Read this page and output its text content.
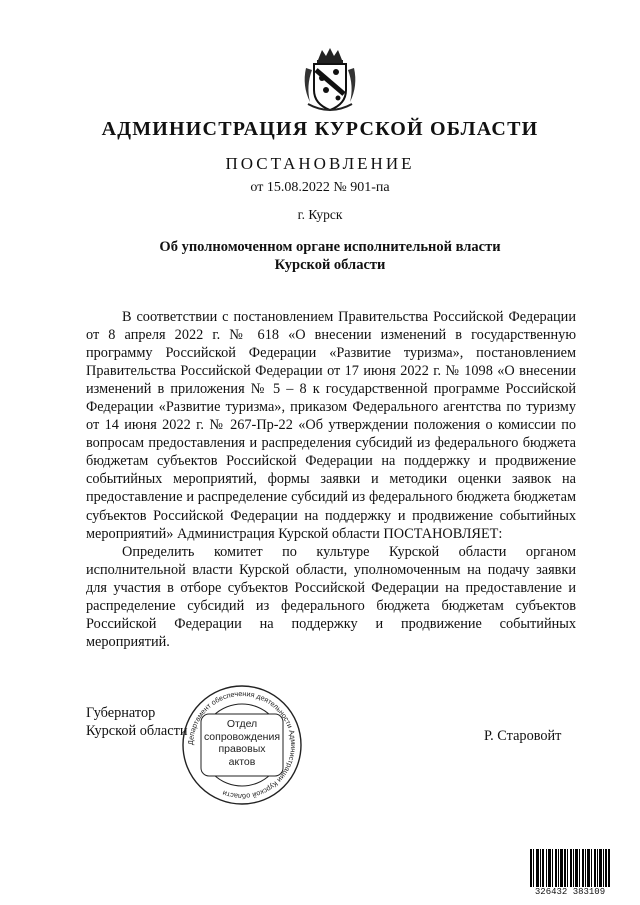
АДМИНИСТРАЦИЯ КУРСКОЙ ОБЛАСТИ
ПОСТАНОВЛЕНИЕ
от 15.08.2022 № 901-па
г. Курск
Об уполномоченном органе исполнительной власти
Курской области

В соответствии с постановлением Правительства Российской Федерации от 8 апреля 2022 г. № 618 «О внесении изменений в государственную программу Российской Федерации «Развитие туризма», постановлением Правительства Российской Федерации от 17 июня 2022 г. № 1098 «О внесении изменений в приложения № 5 – 8 к государственной программе Российской Федерации «Развитие туризма», приказом Федерального агентства по туризму от 14 июня 2022 г. № 267-Пр-22 «Об утверждении положения о комиссии по вопросам предоставления и распределения субсидий из федерального бюджета бюджетам субъектов Российской Федерации на поддержку и продвижение событийных мероприятий, формы заявки и методики оценки заявок на предоставление и распределение субсидий из федерального бюджета бюджетам субъектов Российской Федерации на поддержку и продвижение событийных мероприятий» Администрация Курской области ПОСТАНОВЛЯЕТ:

Определить комитет по культуре Курской области органом исполнительной власти Курской области, уполномоченным на подачу заявки для участия в отборе субъектов Российской Федерации на предоставление и распределение субсидий из федерального бюджета бюджетам субъектов Российской Федерации на поддержку и продвижение событийных мероприятий.

Губернатор
Курской области	Р. Старовойт
Департамент обеспечения деятельности Администрации Курской области
Отдел
сопровождения
правовых
актов
326432 383109
